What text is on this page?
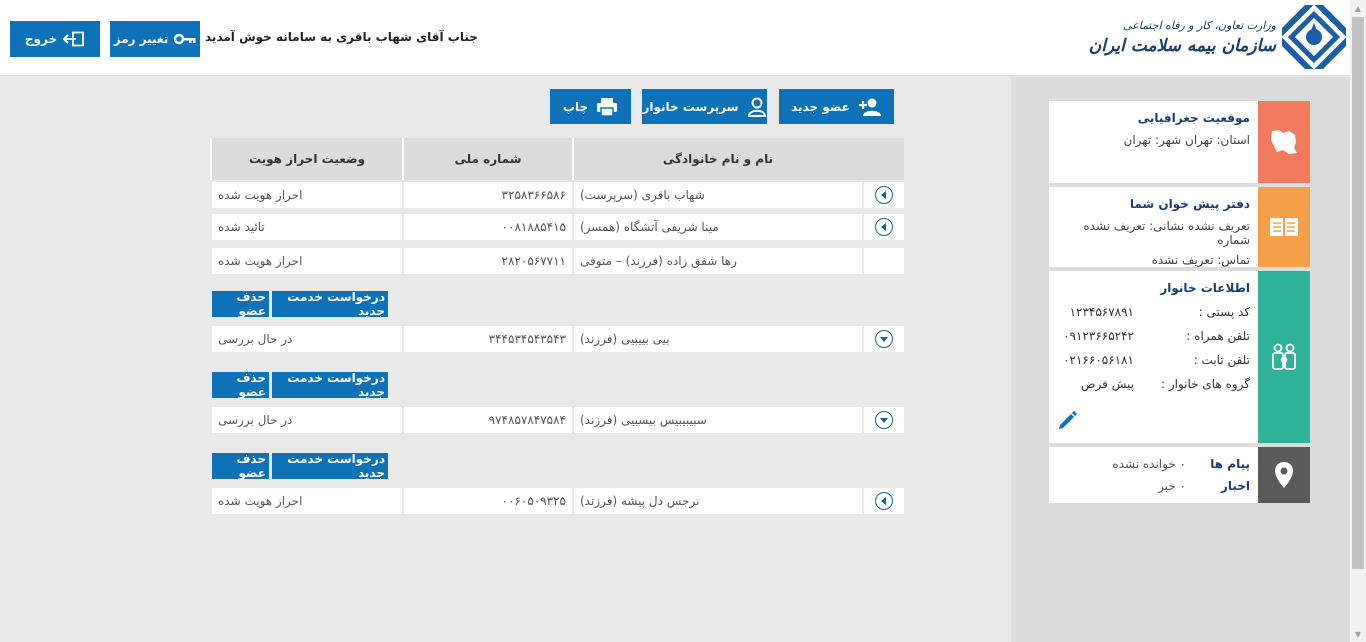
وزارت تعاون، کار و رفاه اجتماعی
سازمان بیمه سلامت ایران
جناب آقای شهاب باقری به سامانه خوش آمدید
تغییر رمز
خروج
عضو جدید
سرپرست خانوار
چاپ
وضعیت احراز هویت	شماره ملی	نام و نام خانوادگی
احراز هویت شده	۳۲۵۸۳۶۶۵۸۶	شهاب باقری (سرپرست)
تائید شده	۰۰۸۱۸۸۵۴۱۵	مینا شریفی آتشگاه (همسر)
احراز هویت شده	۲۸۲۰۵۶۷۷۱۱	رها شفق زاده (فرزند) – متوفی
حذف عضو
درخواست خدمت جدید
در حال بررسی	۳۴۴۵۳۴۵۴۳۵۴۳	بیی بییبیی (فرزند)
حذف عضو
درخواست خدمت جدید
در حال بررسی	۹۷۴۸۵۷۸۴۷۵۸۴	سبیبیبیس بیسبیی (فرزند)
حذف عضو
درخواست خدمت جدید
احراز هویت شده	۰۰۶۰۵۰۹۳۲۵	نرجس دل پیشه (فرزند)
موقعیت جغرافیایی
استان: تهران شهر: تهران
دفتر پیش خوان شما
تعریف نشده نشانی: تعریف نشده شماره
تماس: تعریف نشده
اطلاعات خانوار
کد پستی :
۱۲۳۴۵۶۷۸۹۱
تلفن همراه :
۰۹۱۲۳۶۶۵۲۴۲
تلفن ثابت :
۰۲۱۶۶۰۵۶۱۸۱
گروه های خانوار :
پیش فرض
پیام ها
۰ خوانده نشده
اخبار
۰ خبر
▲
▼
